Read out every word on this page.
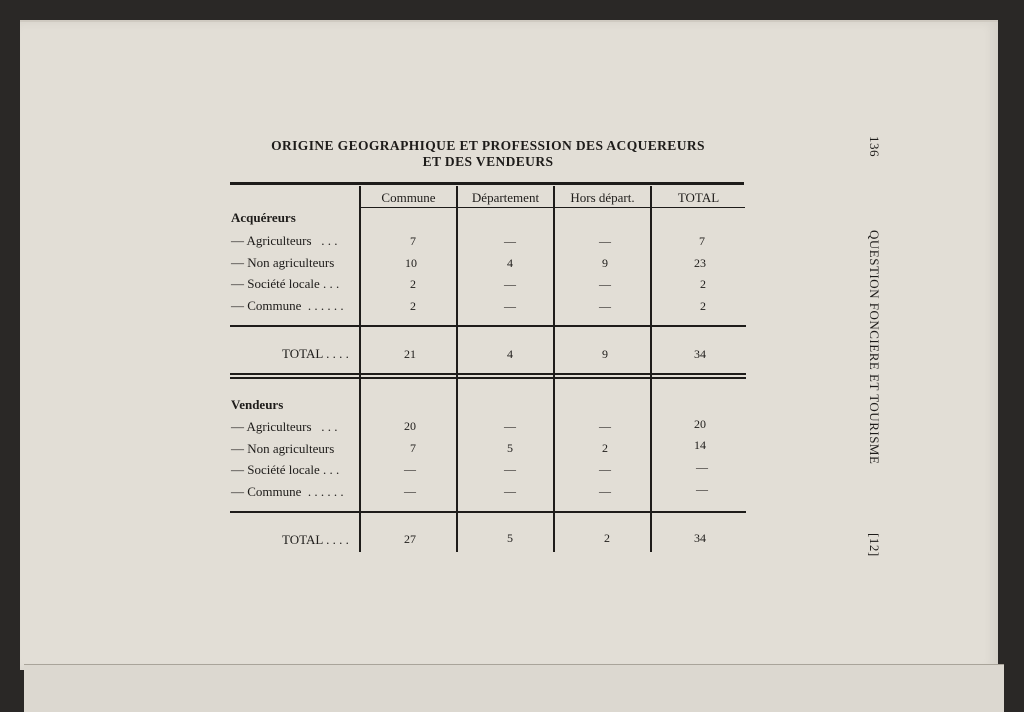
ORIGINE GEOGRAPHIQUE ET PROFESSION DES ACQUEREURS
ET DES VENDEURS
Commune	Département	Hors départ.	TOTAL
Acquéreurs
— Agriculteurs   . . .	7	—	—	7
— Non agriculteurs	10	4	9	23
— Société locale . . .	2	—	—	2
— Commune  . . . . . .	2	—	—	2
TOTAL . . . .	21	4	9	34
Vendeurs
— Agriculteurs   . . .	20	—	—	20
— Non agriculteurs	7	5	2	14
— Société locale . . .	—	—	—	—
— Commune  . . . . . .	—	—	—	—
TOTAL . . . .	27	5	2	34
136
QUESTION FONCIERE ET TOURISME
[12]
